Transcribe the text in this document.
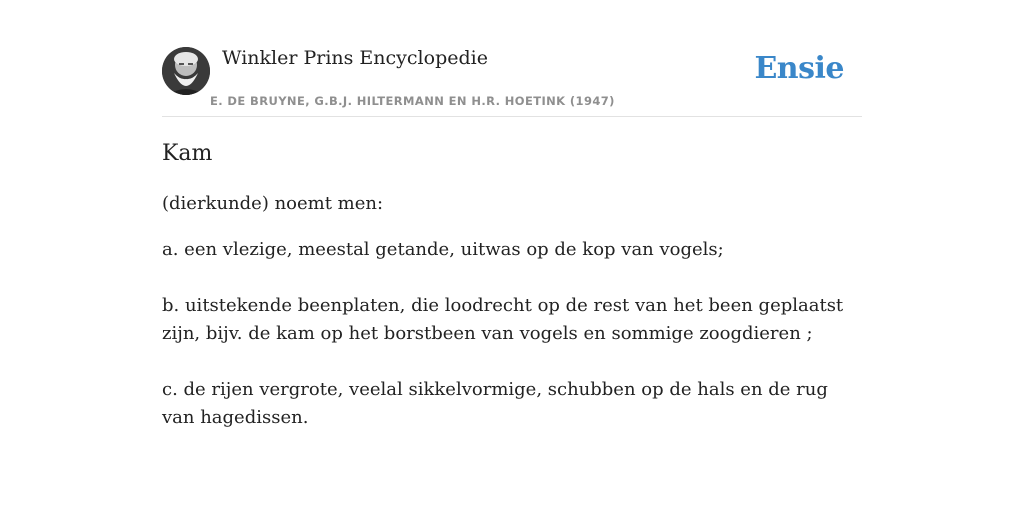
Winkler Prins Encyclopedie
E. DE BRUYNE, G.B.J. HILTERMANN EN H.R. HOETINK (1947)
Ensie
Kam

(dierkunde) noemt men:

a. een vlezige, meestal getande, uitwas op de kop van vogels;

b. uitstekende beenplaten, die loodrecht op de rest van het been geplaatst zijn, bijv. de kam op het borstbeen van vogels en sommige zoogdieren ;

c. de rijen vergrote, veelal sikkelvormige, schubben op de hals en de rug van hagedissen.
